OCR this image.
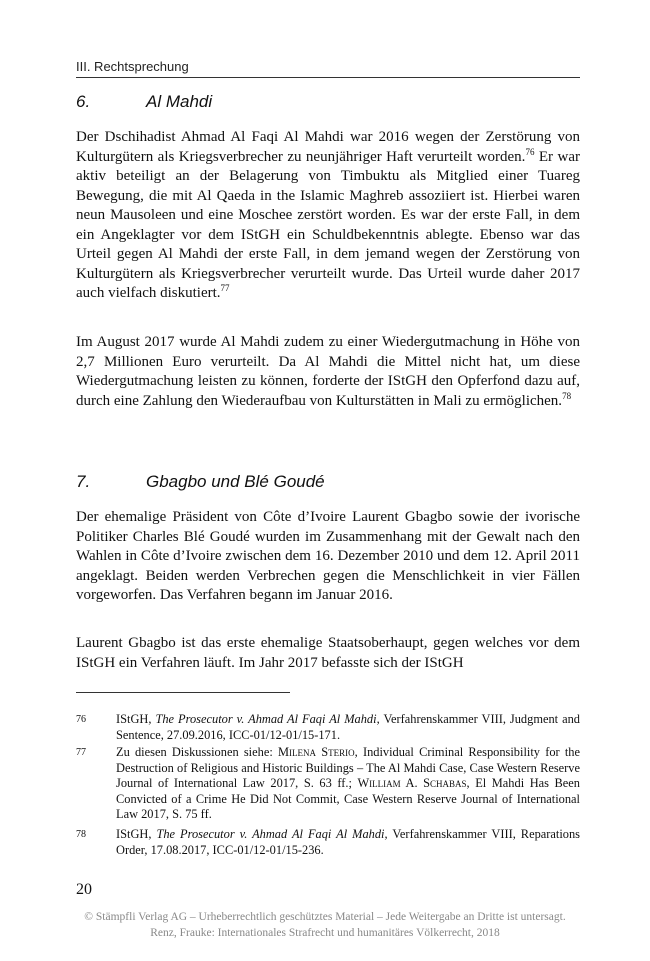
III. Rechtsprechung
6.	Al Mahdi

Der Dschihadist Ahmad Al Faqi Al Mahdi war 2016 wegen der Zerstörung von Kulturgütern als Kriegsverbrecher zu neunjähriger Haft verurteilt worden.$^{76}$ Er war aktiv beteiligt an der Belagerung von Timbuktu als Mitglied einer Tuareg Bewegung, die mit Al Qaeda in the Islamic Maghreb assoziiert ist. Hierbei waren neun Mausoleen und eine Moschee zerstört worden. Es war der erste Fall, in dem ein Angeklagter vor dem IStGH ein Schuldbekenntnis ablegte. Ebenso war das Urteil gegen Al Mahdi der erste Fall, in dem jemand wegen der Zerstörung von Kulturgütern als Kriegsverbrecher verurteilt wurde. Das Urteil wurde daher 2017 auch vielfach diskutiert.$^{77}$

Im August 2017 wurde Al Mahdi zudem zu einer Wiedergutmachung in Höhe von 2,7 Millionen Euro verurteilt. Da Al Mahdi die Mittel nicht hat, um diese Wiedergutmachung leisten zu können, forderte der IStGH den Opferfond dazu auf, durch eine Zahlung den Wiederaufbau von Kulturstätten in Mali zu ermöglichen.$^{78}$

7.	Gbagbo und Blé Goudé

Der ehemalige Präsident von Côte d’Ivoire Laurent Gbagbo sowie der ivorische Politiker Charles Blé Goudé wurden im Zusammenhang mit der Gewalt nach den Wahlen in Côte d’Ivoire zwischen dem 16. Dezember 2010 und dem 12. April 2011 angeklagt. Beiden werden Verbrechen gegen die Menschlichkeit in vier Fällen vorgeworfen. Das Verfahren begann im Januar 2016.

Laurent Gbagbo ist das erste ehemalige Staatsoberhaupt, gegen welches vor dem IStGH ein Verfahren läuft. Im Jahr 2017 befasste sich der IStGH

76 IStGH, The Prosecutor v. Ahmad Al Faqi Al Mahdi, Verfahrenskammer VIII, Judgment and Sentence, 27.09.2016, ICC-01/12-01/15-171.
77 Zu diesen Diskussionen siehe: Milena Sterio, Individual Criminal Responsibility for the Destruction of Religious and Historic Buildings – The Al Mahdi Case, Case Western Reserve Journal of International Law 2017, S. 63 ff.; William A. Schabas, El Mahdi Has Been Convicted of a Crime He Did Not Commit, Case Western Reserve Journal of International Law 2017, S. 75 ff.
78 IStGH, The Prosecutor v. Ahmad Al Faqi Al Mahdi, Verfahrenskammer VIII, Reparations Order, 17.08.2017, ICC-01/12-01/15-236.
20
© Stämpfli Verlag AG – Urheberrechtlich geschütztes Material – Jede Weitergabe an Dritte ist untersagt.
Renz, Frauke: Internationales Strafrecht und humanitäres Völkerrecht, 2018
